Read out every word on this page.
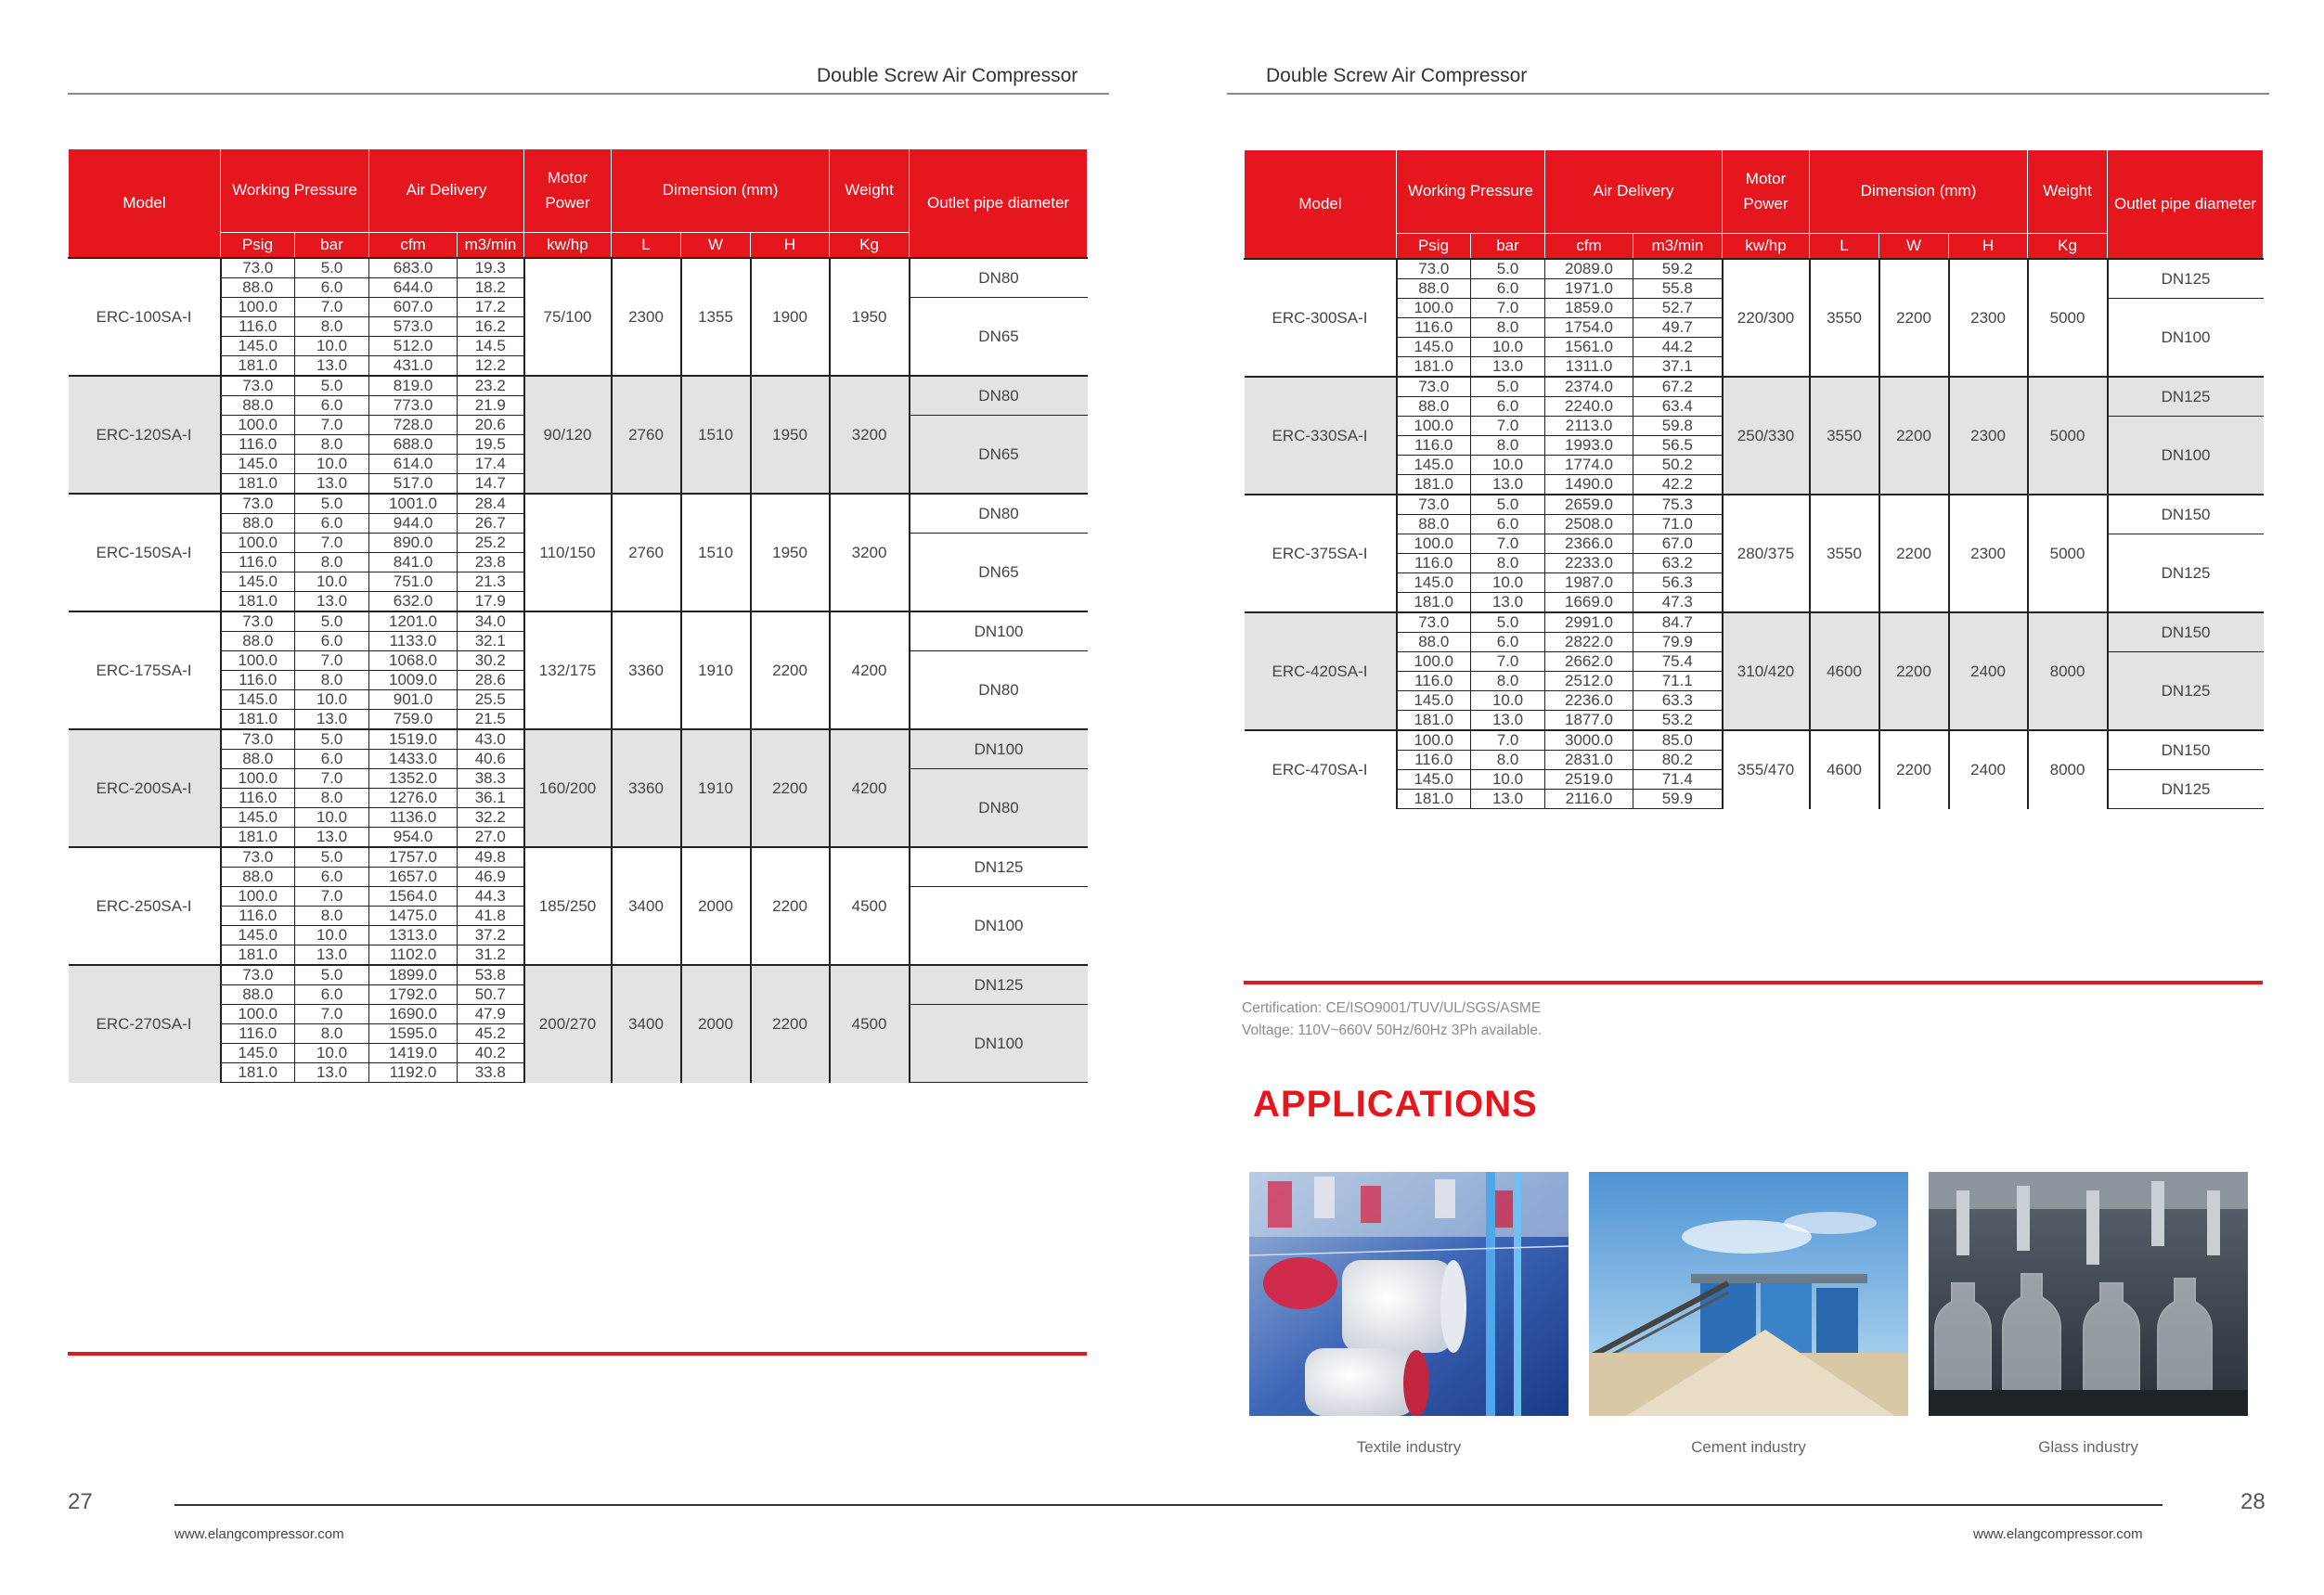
Double Screw Air Compressor	Double Screw Air Compressor
Model	Working Pressure		Air Delivery		Motor Power	Dimension (mm)			Weight	Outlet pipe diameter
	Psig	bar	cfm	m3/min	kw/hp	L	W	H	Kg	
ERC-100SA-I	73.0	5.0	683.0	19.3	75/100	2300	1355	1900	1950	DN80
	88.0	6.0	644.0	18.2						
	100.0	7.0	607.0	17.2						DN65
	116.0	8.0	573.0	16.2						
	145.0	10.0	512.0	14.5						
	181.0	13.0	431.0	12.2						
ERC-120SA-I	73.0	5.0	819.0	23.2	90/120	2760	1510	1950	3200	DN80
	88.0	6.0	773.0	21.9						
	100.0	7.0	728.0	20.6						DN65
	116.0	8.0	688.0	19.5						
	145.0	10.0	614.0	17.4						
	181.0	13.0	517.0	14.7						
ERC-150SA-I	73.0	5.0	1001.0	28.4	110/150	2760	1510	1950	3200	DN80
	88.0	6.0	944.0	26.7						
	100.0	7.0	890.0	25.2						DN65
	116.0	8.0	841.0	23.8						
	145.0	10.0	751.0	21.3						
	181.0	13.0	632.0	17.9						
ERC-175SA-I	73.0	5.0	1201.0	34.0	132/175	3360	1910	2200	4200	DN100
	88.0	6.0	1133.0	32.1						
	100.0	7.0	1068.0	30.2						DN80
	116.0	8.0	1009.0	28.6						
	145.0	10.0	901.0	25.5						
	181.0	13.0	759.0	21.5						
ERC-200SA-I	73.0	5.0	1519.0	43.0	160/200	3360	1910	2200	4200	DN100
	88.0	6.0	1433.0	40.6						
	100.0	7.0	1352.0	38.3						DN80
	116.0	8.0	1276.0	36.1						
	145.0	10.0	1136.0	32.2						
	181.0	13.0	954.0	27.0						
ERC-250SA-I	73.0	5.0	1757.0	49.8	185/250	3400	2000	2200	4500	DN125
	88.0	6.0	1657.0	46.9						
	100.0	7.0	1564.0	44.3						DN100
	116.0	8.0	1475.0	41.8						
	145.0	10.0	1313.0	37.2						
	181.0	13.0	1102.0	31.2						
ERC-270SA-I	73.0	5.0	1899.0	53.8	200/270	3400	2000	2200	4500	DN125
	88.0	6.0	1792.0	50.7						
	100.0	7.0	1690.0	47.9						DN100
	116.0	8.0	1595.0	45.2						
	145.0	10.0	1419.0	40.2						
	181.0	13.0	1192.0	33.8						
Model	Working Pressure		Air Delivery		Motor Power	Dimension (mm)			Weight	Outlet pipe diameter
	Psig	bar	cfm	m3/min	kw/hp	L	W	H	Kg	
ERC-300SA-I	73.0	5.0	2089.0	59.2	220/300	3550	2200	2300	5000	DN125
	88.0	6.0	1971.0	55.8						
	100.0	7.0	1859.0	52.7						DN100
	116.0	8.0	1754.0	49.7						
	145.0	10.0	1561.0	44.2						
	181.0	13.0	1311.0	37.1						
ERC-330SA-I	73.0	5.0	2374.0	67.2	250/330	3550	2200	2300	5000	DN125
	88.0	6.0	2240.0	63.4						
	100.0	7.0	2113.0	59.8						DN100
	116.0	8.0	1993.0	56.5						
	145.0	10.0	1774.0	50.2						
	181.0	13.0	1490.0	42.2						
ERC-375SA-I	73.0	5.0	2659.0	75.3	280/375	3550	2200	2300	5000	DN150
	88.0	6.0	2508.0	71.0						
	100.0	7.0	2366.0	67.0						DN125
	116.0	8.0	2233.0	63.2						
	145.0	10.0	1987.0	56.3						
	181.0	13.0	1669.0	47.3						
ERC-420SA-I	73.0	5.0	2991.0	84.7	310/420	4600	2200	2400	8000	DN150
	88.0	6.0	2822.0	79.9						
	100.0	7.0	2662.0	75.4						DN125
	116.0	8.0	2512.0	71.1						
	145.0	10.0	2236.0	63.3						
	181.0	13.0	1877.0	53.2						
ERC-470SA-I	100.0	7.0	3000.0	85.0	355/470	4600	2200	2400	8000	DN150
	116.0	8.0	2831.0	80.2						
	145.0	10.0	2519.0	71.4						DN125
	181.0	13.0	2116.0	59.9						
Certification: CE/ISO9001/TUV/UL/SGS/ASME
Voltage: 110V~660V 50Hz/60Hz 3Ph available.
APPLICATIONS
Textile industry	Cement industry	Glass industry
27	28
www.elangcompressor.com	www.elangcompressor.com
